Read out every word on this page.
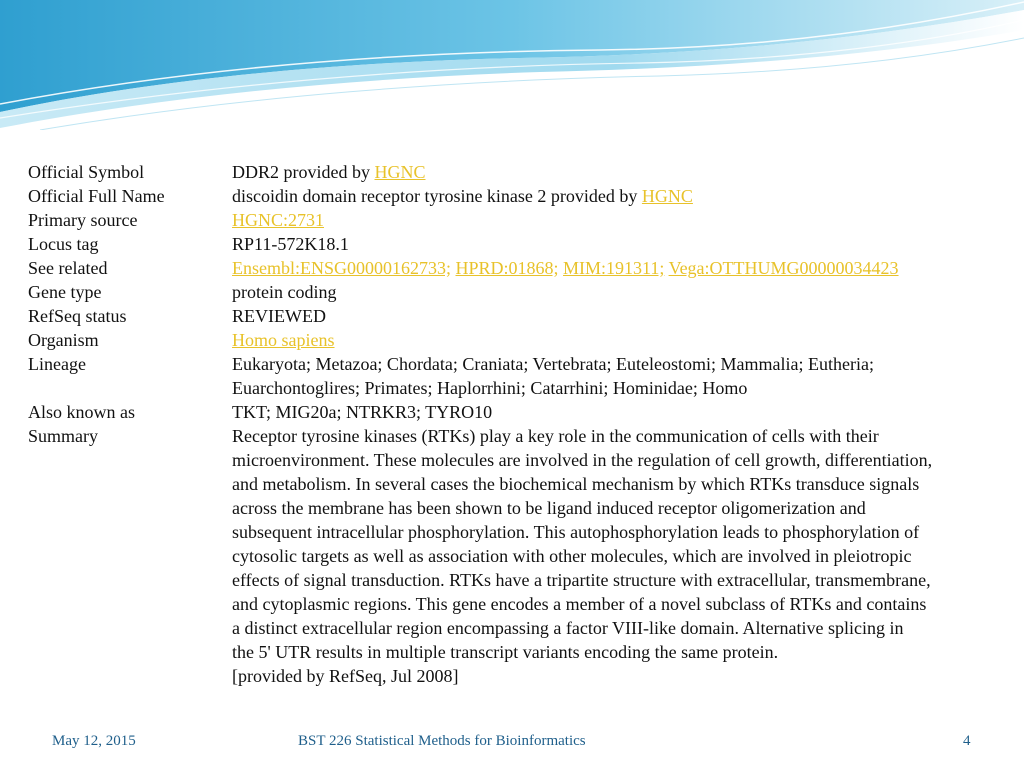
Official Symbol	DDR2 provided by HGNC
Official Full Name	discoidin domain receptor tyrosine kinase 2 provided by HGNC
Primary source	HGNC:2731
Locus tag	RP11-572K18.1
See related	Ensembl:ENSG00000162733; HPRD:01868; MIM:191311; Vega:OTTHUMG00000034423
Gene type	protein coding
RefSeq status	REVIEWED
Organism	Homo sapiens
Lineage	Eukaryota; Metazoa; Chordata; Craniata; Vertebrata; Euteleostomi; Mammalia; Eutheria;
Euarchontoglires; Primates; Haplorrhini; Catarrhini; Hominidae; Homo
Also known as	TKT; MIG20a; NTRKR3; TYRO10
Summary	Receptor tyrosine kinases (RTKs) play a key role in the communication of cells with their
microenvironment. These molecules are involved in the regulation of cell growth, differentiation,
and metabolism. In several cases the biochemical mechanism by which RTKs transduce signals
across the membrane has been shown to be ligand induced receptor oligomerization and
subsequent intracellular phosphorylation. This autophosphorylation leads to phosphorylation of
cytosolic targets as well as association with other molecules, which are involved in pleiotropic
effects of signal transduction. RTKs have a tripartite structure with extracellular, transmembrane,
and cytoplasmic regions. This gene encodes a member of a novel subclass of RTKs and contains
a distinct extracellular region encompassing a factor VIII-like domain. Alternative splicing in
the 5' UTR results in multiple transcript variants encoding the same protein.
[provided by RefSeq, Jul 2008]
May 12, 2015	BST 226 Statistical Methods for Bioinformatics	4
